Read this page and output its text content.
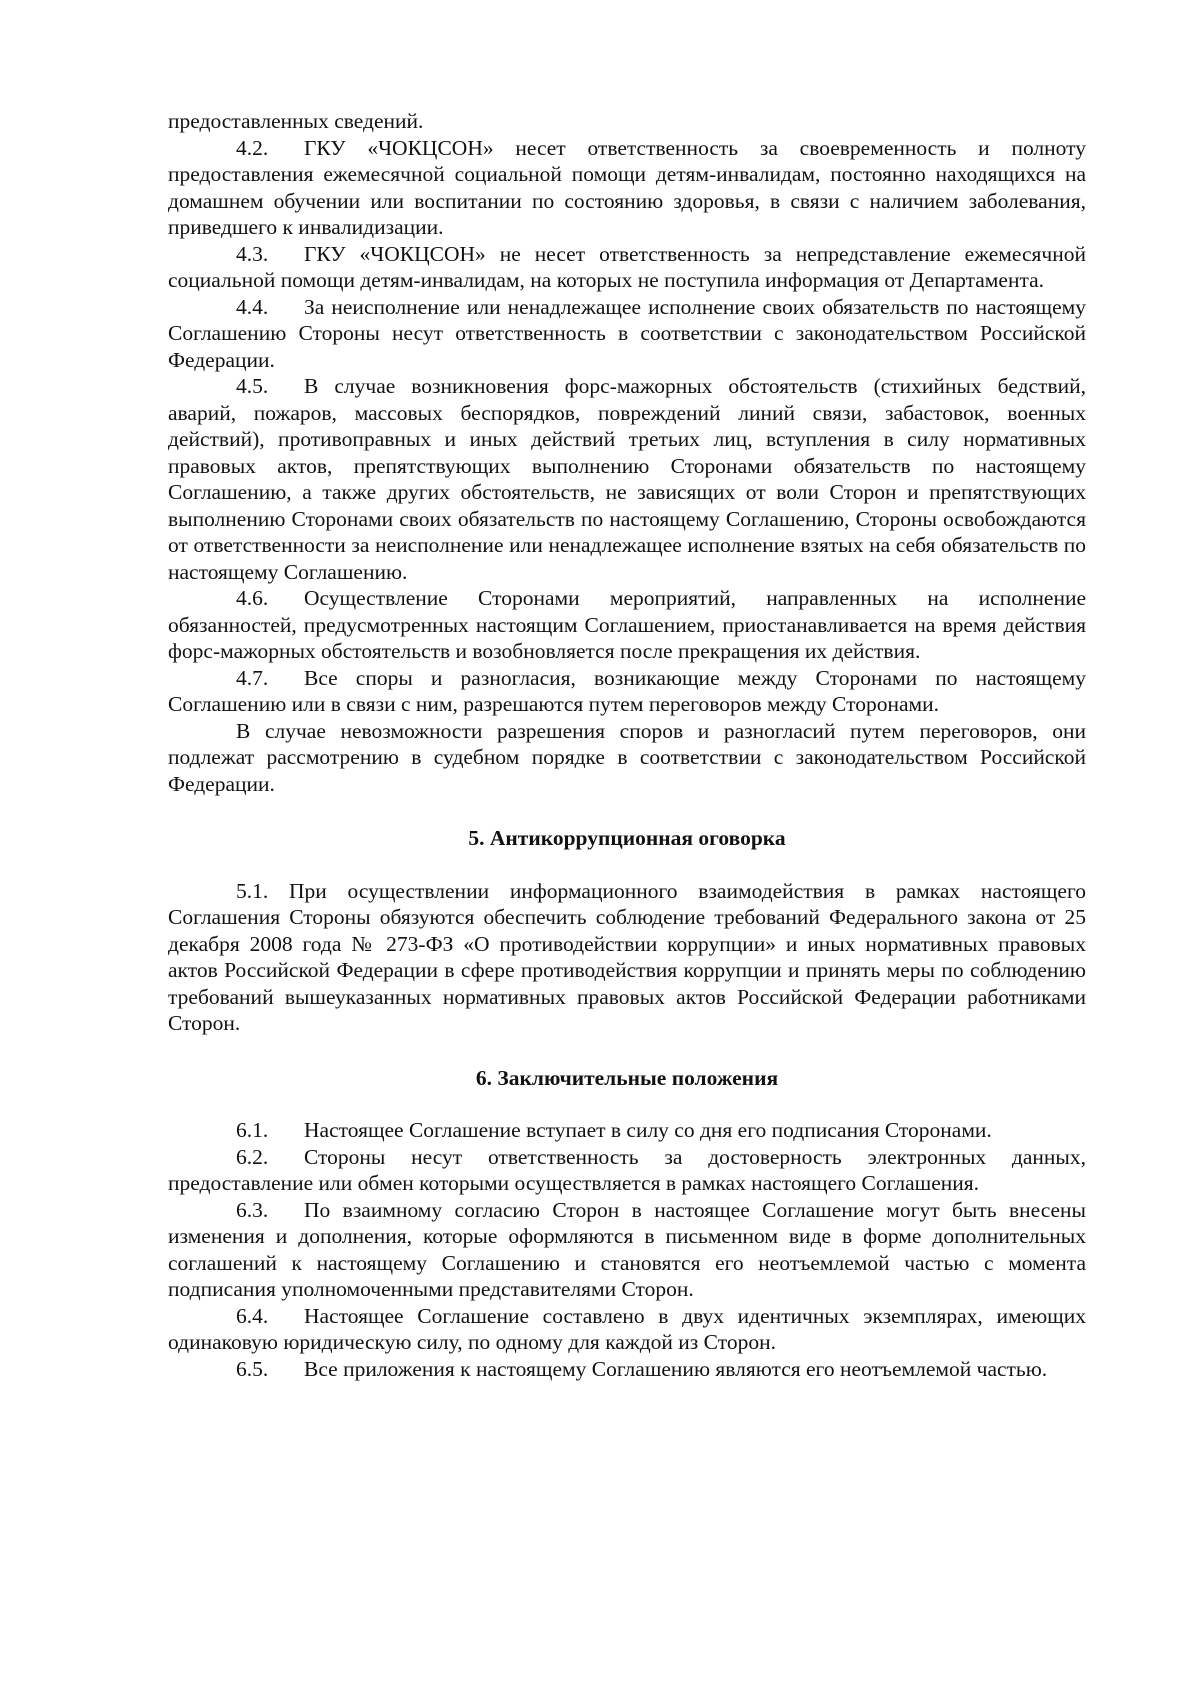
предоставленных сведений.

4.2. ГКУ «ЧОКЦСОН» несет ответственность за своевременность и полноту предоставления ежемесячной социальной помощи детям-инвалидам, постоянно находящихся на домашнем обучении или воспитании по состоянию здоровья, в связи с наличием заболевания, приведшего к инвалидизации.

4.3. ГКУ «ЧОКЦСОН» не несет ответственность за непредставление ежемесячной социальной помощи детям-инвалидам, на которых не поступила информация от Департамента.

4.4. За неисполнение или ненадлежащее исполнение своих обязательств по настоящему Соглашению Стороны несут ответственность в соответствии с законодательством Российской Федерации.

4.5. В случае возникновения форс-мажорных обстоятельств (стихийных бедствий, аварий, пожаров, массовых беспорядков, повреждений линий связи, забастовок, военных действий), противоправных и иных действий третьих лиц, вступления в силу нормативных правовых актов, препятствующих выполнению Сторонами обязательств по настоящему Соглашению, а также других обстоятельств, не зависящих от воли Сторон и препятствующих выполнению Сторонами своих обязательств по настоящему Соглашению, Стороны освобождаются от ответственности за неисполнение или ненадлежащее исполнение взятых на себя обязательств по настоящему Соглашению.

4.6. Осуществление Сторонами мероприятий, направленных на исполнение обязанностей, предусмотренных настоящим Соглашением, приостанавливается на время действия форс-мажорных обстоятельств и возобновляется после прекращения их действия.

4.7. Все споры и разногласия, возникающие между Сторонами по настоящему Соглашению или в связи с ним, разрешаются путем переговоров между Сторонами.

В случае невозможности разрешения споров и разногласий путем переговоров, они подлежат рассмотрению в судебном порядке в соответствии с законодательством Российской Федерации.

5. Антикоррупционная оговорка

5.1. При осуществлении информационного взаимодействия в рамках настоящего Соглашения Стороны обязуются обеспечить соблюдение требований Федерального закона от 25 декабря 2008 года № 273-ФЗ «О противодействии коррупции» и иных нормативных правовых актов Российской Федерации в сфере противодействия коррупции и принять меры по соблюдению требований вышеуказанных нормативных правовых актов Российской Федерации работниками Сторон.

6. Заключительные положения

6.1. Настоящее Соглашение вступает в силу со дня его подписания Сторонами.

6.2. Стороны несут ответственность за достоверность электронных данных, предоставление или обмен которыми осуществляется в рамках настоящего Соглашения.

6.3. По взаимному согласию Сторон в настоящее Соглашение могут быть внесены изменения и дополнения, которые оформляются в письменном виде в форме дополнительных соглашений к настоящему Соглашению и становятся его неотъемлемой частью с момента подписания уполномоченными представителями Сторон.

6.4. Настоящее Соглашение составлено в двух идентичных экземплярах, имеющих одинаковую юридическую силу, по одному для каждой из Сторон.

6.5. Все приложения к настоящему Соглашению являются его неотъемлемой частью.
